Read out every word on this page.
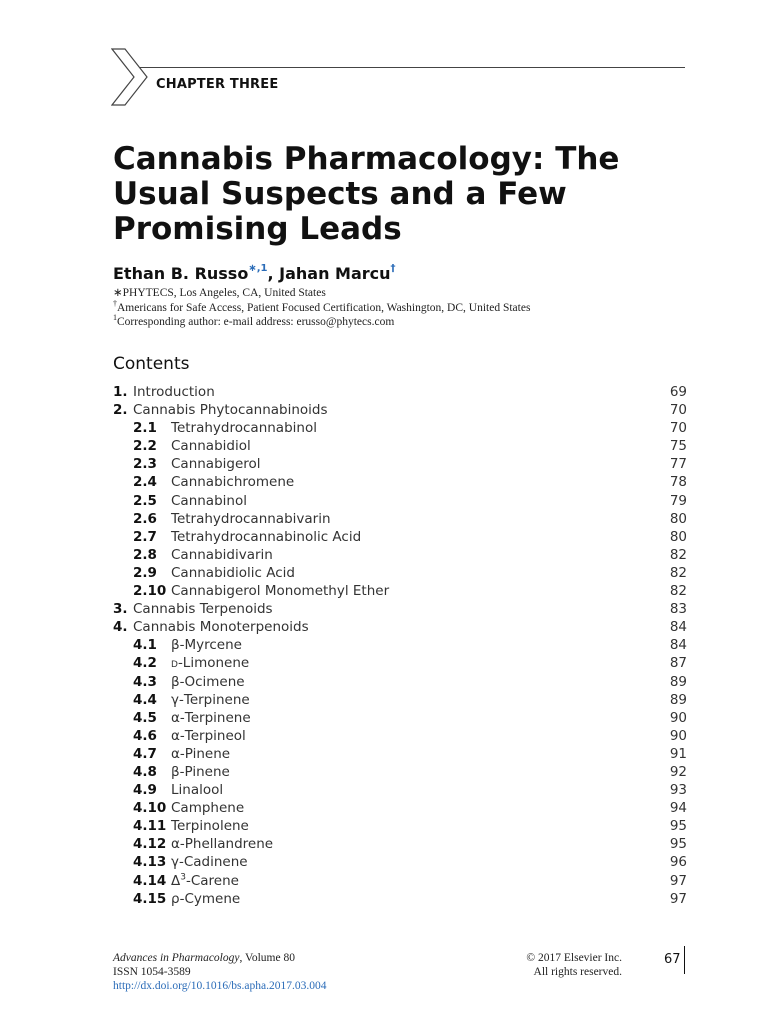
CHAPTER THREE
Cannabis Pharmacology: The Usual Suspects and a Few Promising Leads
Ethan B. Russo$^{∗,1}$, Jahan Marcu†
∗PHYTECS, Los Angeles, CA, United States
†Americans for Safe Access, Patient Focused Certification, Washington, DC, United States
$^1$Corresponding author: e-mail address: erusso@phytecs.com
Contents
1. Introduction	69
2. Cannabis Phytocannabinoids	70
2.1 Tetrahydrocannabinol	70
2.2 Cannabidiol	75
2.3 Cannabigerol	77
2.4 Cannabichromene	78
2.5 Cannabinol	79
2.6 Tetrahydrocannabivarin	80
2.7 Tetrahydrocannabinolic Acid	80
2.8 Cannabidivarin	82
2.9 Cannabidiolic Acid	82
2.10 Cannabigerol Monomethyl Ether	82
3. Cannabis Terpenoids	83
4. Cannabis Monoterpenoids	84
4.1 β-Myrcene	84
4.2 D-Limonene	87
4.3 β-Ocimene	89
4.4 γ-Terpinene	89
4.5 α-Terpinene	90
4.6 α-Terpineol	90
4.7 α-Pinene	91
4.8 β-Pinene	92
4.9 Linalool	93
4.10 Camphene	94
4.11 Terpinolene	95
4.12 α-Phellandrene	95
4.13 γ-Cadinene	96
4.14 $\Delta^3$-Carene	97
4.15 ρ-Cymene	97
Advances in Pharmacology, Volume 80
ISSN 1054-3589
http://dx.doi.org/10.1016/bs.apha.2017.03.004
© 2017 Elsevier Inc.
All rights reserved.
67
